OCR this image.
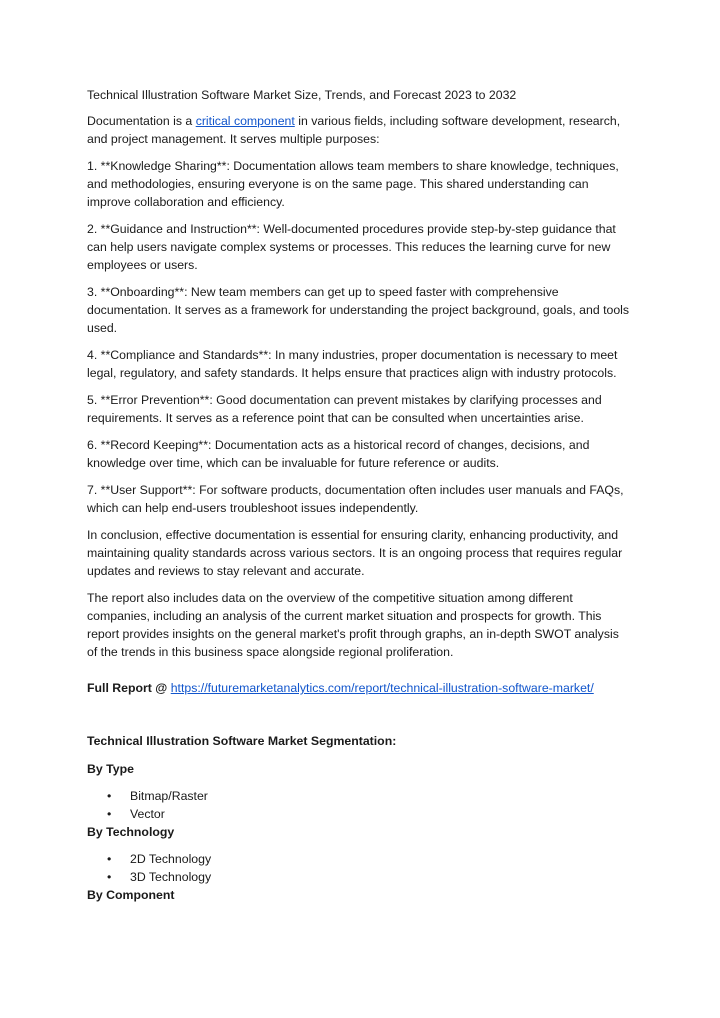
Technical Illustration Software Market Size, Trends, and Forecast 2023 to 2032

Documentation is a critical component in various fields, including software development, research, and project management. It serves multiple purposes:

1. **Knowledge Sharing**: Documentation allows team members to share knowledge, techniques, and methodologies, ensuring everyone is on the same page. This shared understanding can improve collaboration and efficiency.

2. **Guidance and Instruction**: Well-documented procedures provide step-by-step guidance that can help users navigate complex systems or processes. This reduces the learning curve for new employees or users.

3. **Onboarding**: New team members can get up to speed faster with comprehensive documentation. It serves as a framework for understanding the project background, goals, and tools used.

4. **Compliance and Standards**: In many industries, proper documentation is necessary to meet legal, regulatory, and safety standards. It helps ensure that practices align with industry protocols.

5. **Error Prevention**: Good documentation can prevent mistakes by clarifying processes and requirements. It serves as a reference point that can be consulted when uncertainties arise.

6. **Record Keeping**: Documentation acts as a historical record of changes, decisions, and knowledge over time, which can be invaluable for future reference or audits.

7. **User Support**: For software products, documentation often includes user manuals and FAQs, which can help end-users troubleshoot issues independently.

In conclusion, effective documentation is essential for ensuring clarity, enhancing productivity, and maintaining quality standards across various sectors. It is an ongoing process that requires regular updates and reviews to stay relevant and accurate.

The report also includes data on the overview of the competitive situation among different companies, including an analysis of the current market situation and prospects for growth. This report provides insights on the general market's profit through graphs, an in-depth SWOT analysis of the trends in this business space alongside regional proliferation.

Full Report @ https://futuremarketanalytics.com/report/technical-illustration-software-market/

Technical Illustration Software Market Segmentation:

By Type

• Bitmap/Raster
• Vector

By Technology

• 2D Technology
• 3D Technology

By Component
